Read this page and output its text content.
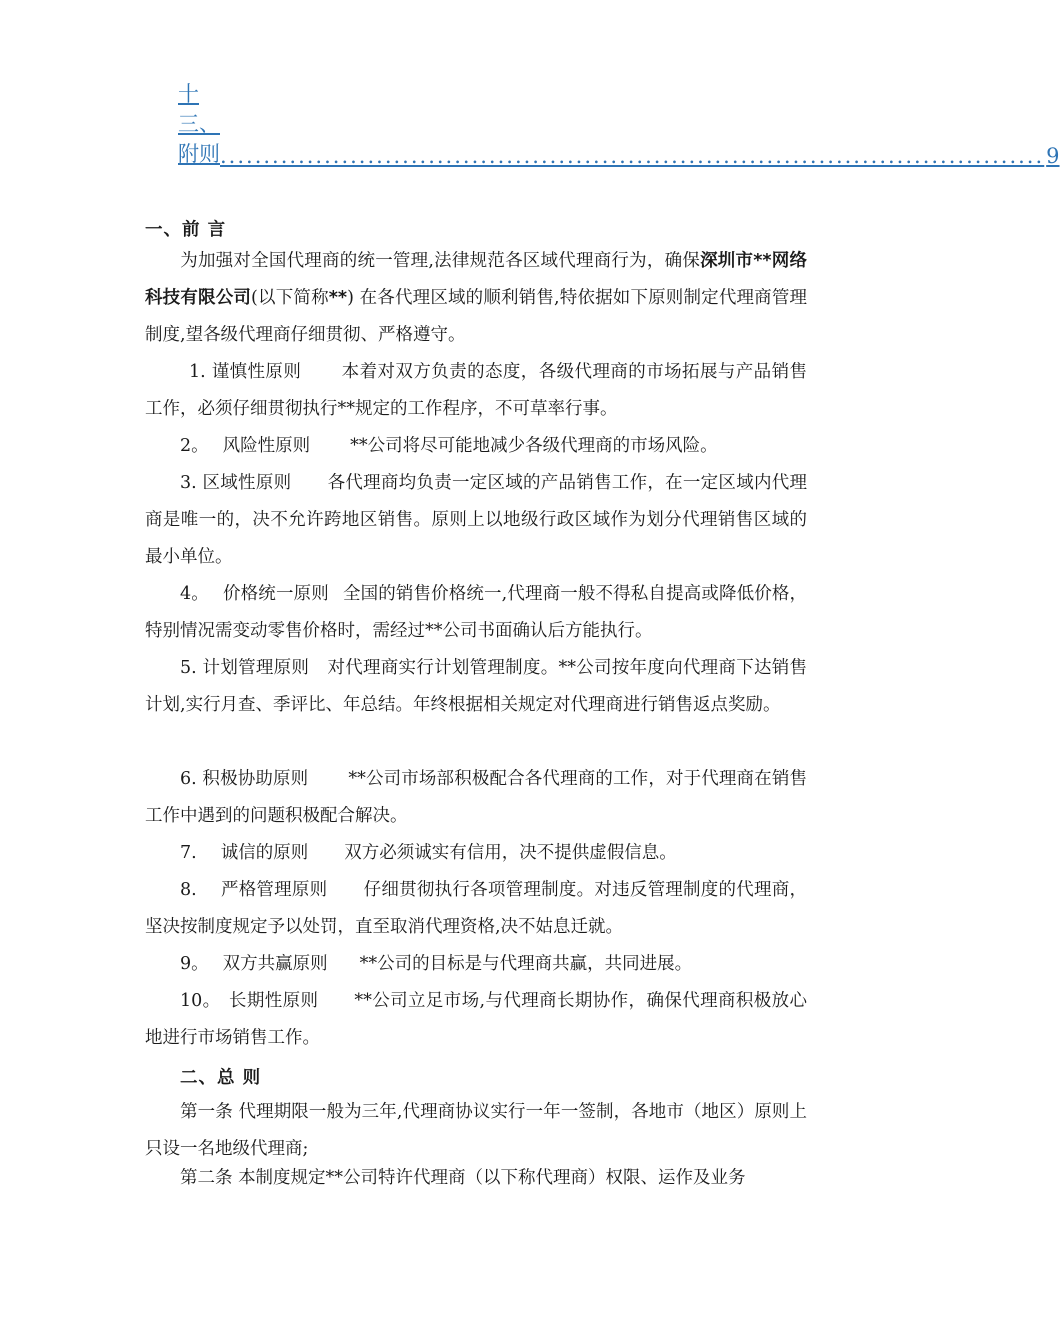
十三、附则 ............................................................................................... 9
一、前 言
为加强对全国代理商的统一管理,法律规范各区域代理商行为，确保深圳市**网络科技有限公司(以下简称**) 在各代理区域的顺利销售,特依据如下原则制定代理商管理制度,望各级代理商仔细贯彻、严格遵守。
1. 谨慎性原则 本着对双方负责的态度，各级代理商的市场拓展与产品销售工作，必须仔细贯彻执行**规定的工作程序，不可草率行事。
2。 风险性原则 **公司将尽可能地减少各级代理商的市场风险。
3. 区域性原则 各代理商均负责一定区域的产品销售工作，在一定区域内代理商是唯一的，决不允许跨地区销售。原则上以地级行政区域作为划分代理销售区域的最小单位。
4。 价格统一原则 全国的销售价格统一,代理商一般不得私自提高或降低价格，特别情况需变动零售价格时，需经过**公司书面确认后方能执行。
5. 计划管理原则 对代理商实行计划管理制度。**公司按年度向代理商下达销售计划,实行月查、季评比、年总结。年终根据相关规定对代理商进行销售返点奖励。
6. 积极协助原则 **公司市场部积极配合各代理商的工作，对于代理商在销售工作中遇到的问题积极配合解决。
7. 诚信的原则 双方必须诚实有信用，决不提供虚假信息。
8. 严格管理原则 仔细贯彻执行各项管理制度。对违反管理制度的代理商，坚决按制度规定予以处罚，直至取消代理资格,决不姑息迁就。
9。 双方共赢原则 **公司的目标是与代理商共赢，共同进展。
10。 长期性原则 **公司立足市场,与代理商长期协作，确保代理商积极放心地进行市场销售工作。
二、总 则
第一条 代理期限一般为三年,代理商协议实行一年一签制，各地市（地区）原则上只设一名地级代理商;
第二条 本制度规定**公司特许代理商（以下称代理商）权限、运作及业务
